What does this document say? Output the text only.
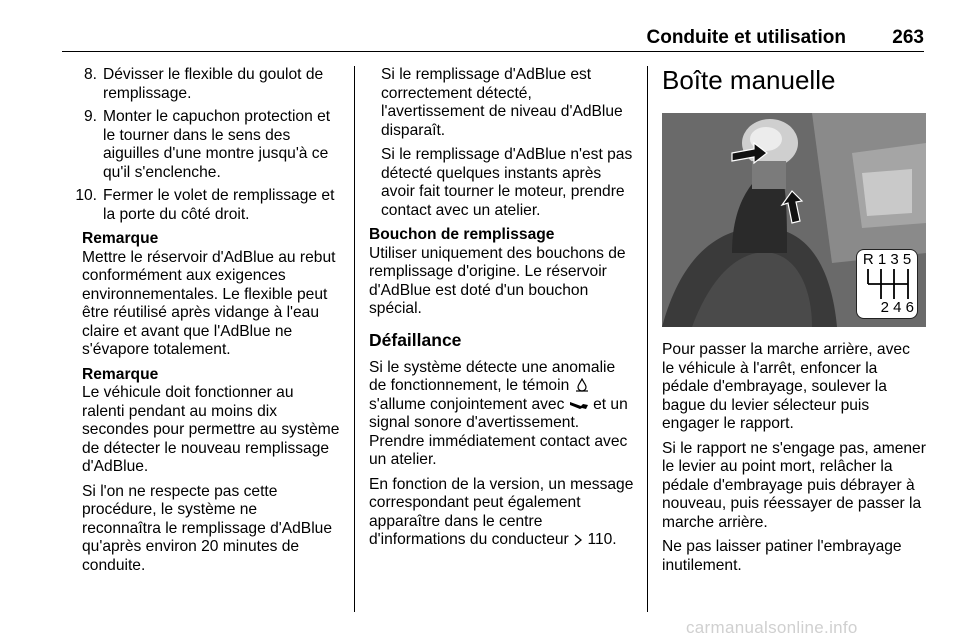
Conduite et utilisation 263
8. Dévisser le flexible du goulot de remplissage.
9. Monter le capuchon protection et le tourner dans le sens des aiguilles d'une montre jusqu'à ce qu'il s'enclenche.
10. Fermer le volet de remplissage et la porte du côté droit.
Remarque

Mettre le réservoir d'AdBlue au rebut conformément aux exigences environnementales. Le flexible peut être réutilisé après vidange à l'eau claire et avant que l'AdBlue ne s'évapore totalement.

Remarque

Le véhicule doit fonctionner au ralenti pendant au moins dix secondes pour permettre au système de détecter le nouveau remplissage d'AdBlue.

Si l'on ne respecte pas cette procédure, le système ne reconnaîtra le remplissage d'AdBlue qu'après environ 20 minutes de conduite.

Si le remplissage d'AdBlue est correctement détecté, l'avertissement de niveau d'AdBlue disparaît.

Si le remplissage d'AdBlue n'est pas détecté quelques instants après avoir fait tourner le moteur, prendre contact avec un atelier.

Bouchon de remplissage

Utiliser uniquement des bouchons de remplissage d'origine. Le réservoir d'AdBlue est doté d'un bouchon spécial.

Défaillance

Si le système détecte une anomalie de fonctionnement, le témoin  s'allume conjointement avec et un signal sonore d'avertissement. Prendre immédiatement contact avec un atelier.

En fonction de la version, un message correspondant peut également apparaître dans le centre d'informations du conducteur 110.

Boîte manuelle
R 1 3 5
2 4 6

Pour passer la marche arrière, avec le véhicule à l'arrêt, enfoncer la pédale d'embrayage, soulever la bague du levier sélecteur puis engager le rapport.

Si le rapport ne s'engage pas, amener le levier au point mort, relâcher la pédale d'embrayage puis débrayer à nouveau, puis réessayer de passer la marche arrière.

Ne pas laisser patiner l'embrayage inutilement.

carmanualsonline.info
